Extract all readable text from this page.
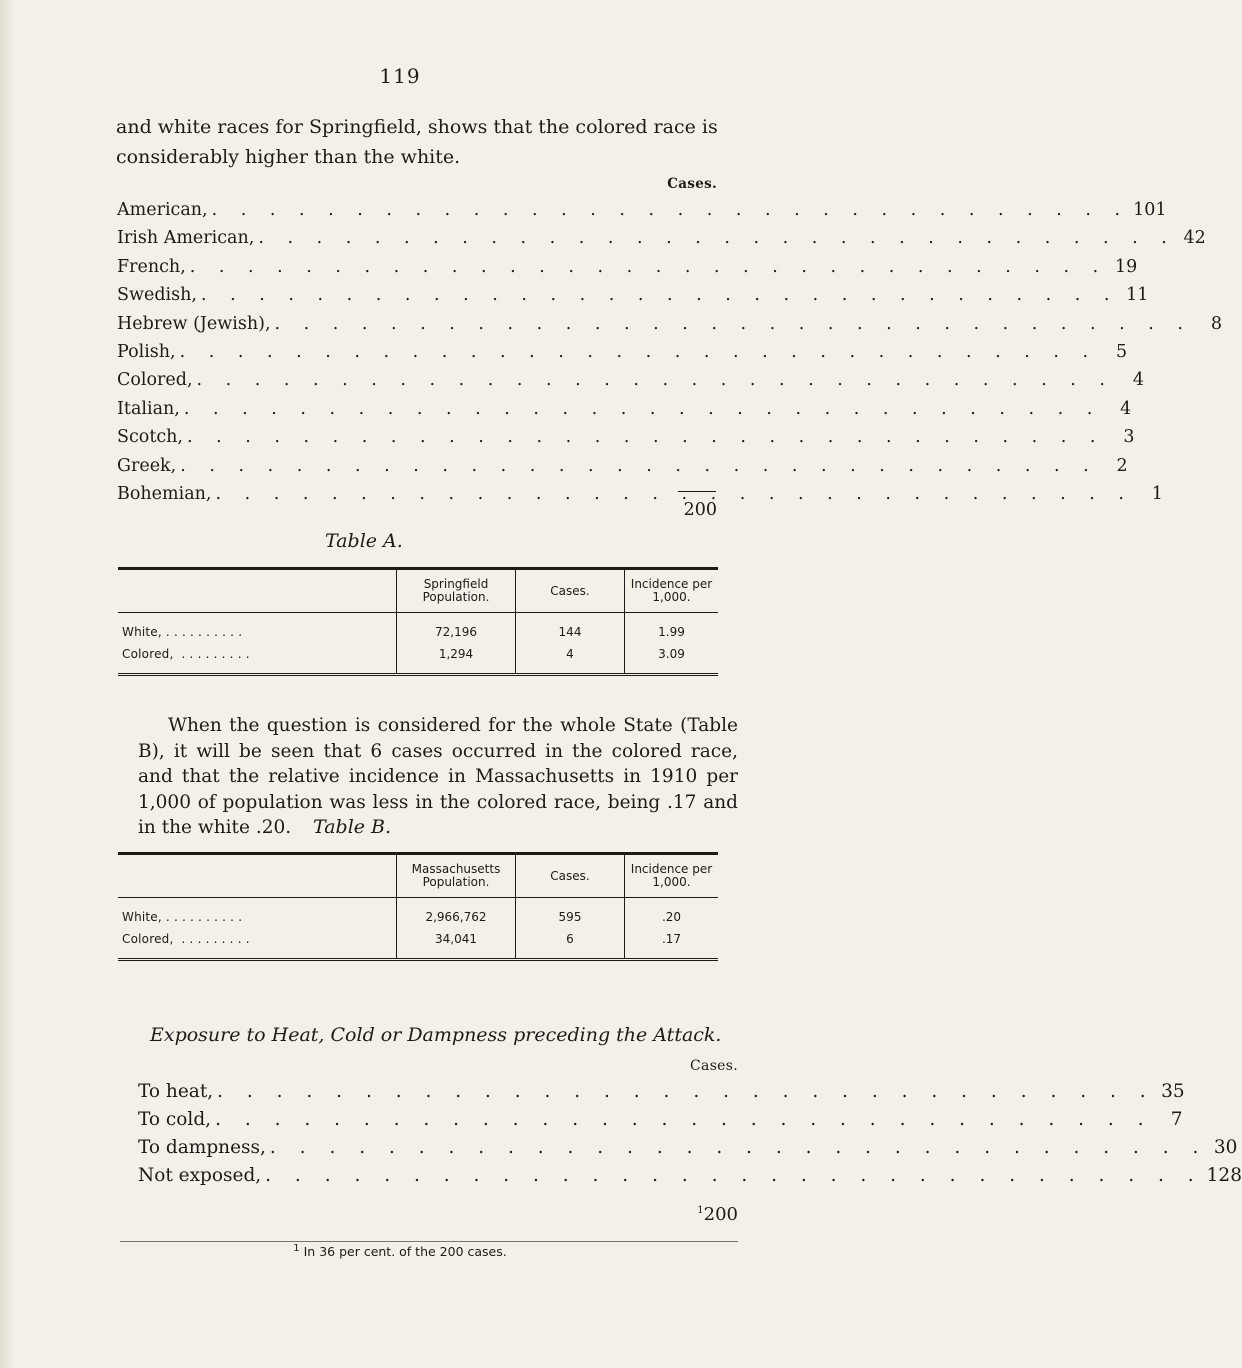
119

and white races for Springfield, shows that the colored race is considerably higher than the white.

Cases.
American, . . . . . . . . . . . . . . . . . . . . . . . . . . . . . . . . 101
Irish American, . . . . . . . . . . . . . . . . . . . . . . . . . . . . . . . . 42
French, . . . . . . . . . . . . . . . . . . . . . . . . . . . . . . . . 19
Swedish, . . . . . . . . . . . . . . . . . . . . . . . . . . . . . . . . 11
Hebrew (Jewish), . . . . . . . . . . . . . . . . . . . . . . . . . . . . . . . .	8
Polish, . . . . . . . . . . . . . . . . . . . . . . . . . . . . . . . .	5
Colored, . . . . . . . . . . . . . . . . . . . . . . . . . . . . . . . .	4
Italian, . . . . . . . . . . . . . . . . . . . . . . . . . . . . . . . .	4
Scotch, . . . . . . . . . . . . . . . . . . . . . . . . . . . . . . . .	3
Greek, . . . . . . . . . . . . . . . . . . . . . . . . . . . . . . . .	2
Bohemian, . . . . . . . . . . . . . . . . . . . . . . . . . . . . . . . .	1
200
Table A.
	Springfield Population.	Cases.	Incidence per 1,000.
White, . . . . . . . . . .	72,196	144	1.99
Colored,  . . . . . . . . .	1,294	4	3.09

When the question is considered for the whole State (Table B), it will be seen that 6 cases occurred in the colored race, and that the relative incidence in Massachusetts in 1910 per 1,000 of population was less in the colored race, being .17 and in the white .20.	Table B.
	Massachusetts Population.	Cases.	Incidence per 1,000.
White, . . . . . . . . . .	2,966,762	595	.20
Colored,  . . . . . . . . .	34,041	6	.17
Exposure to Heat, Cold or Dampness preceding the Attack.
Cases.
To heat, . . . . . . . . . . . . . . . . . . . . . . . . . . . . . . . . 35
To cold, . . . . . . . . . . . . . . . . . . . . . . . . . . . . . . . . 7
To dampness, . . . . . . . . . . . . . . . . . . . . . . . . . . . . . . . . 30
Not exposed, . . . . . . . . . . . . . . . . . . . . . . . . . . . . . . . . 128
$^1$200
$^1$ In 36 per cent. of the 200 cases.
